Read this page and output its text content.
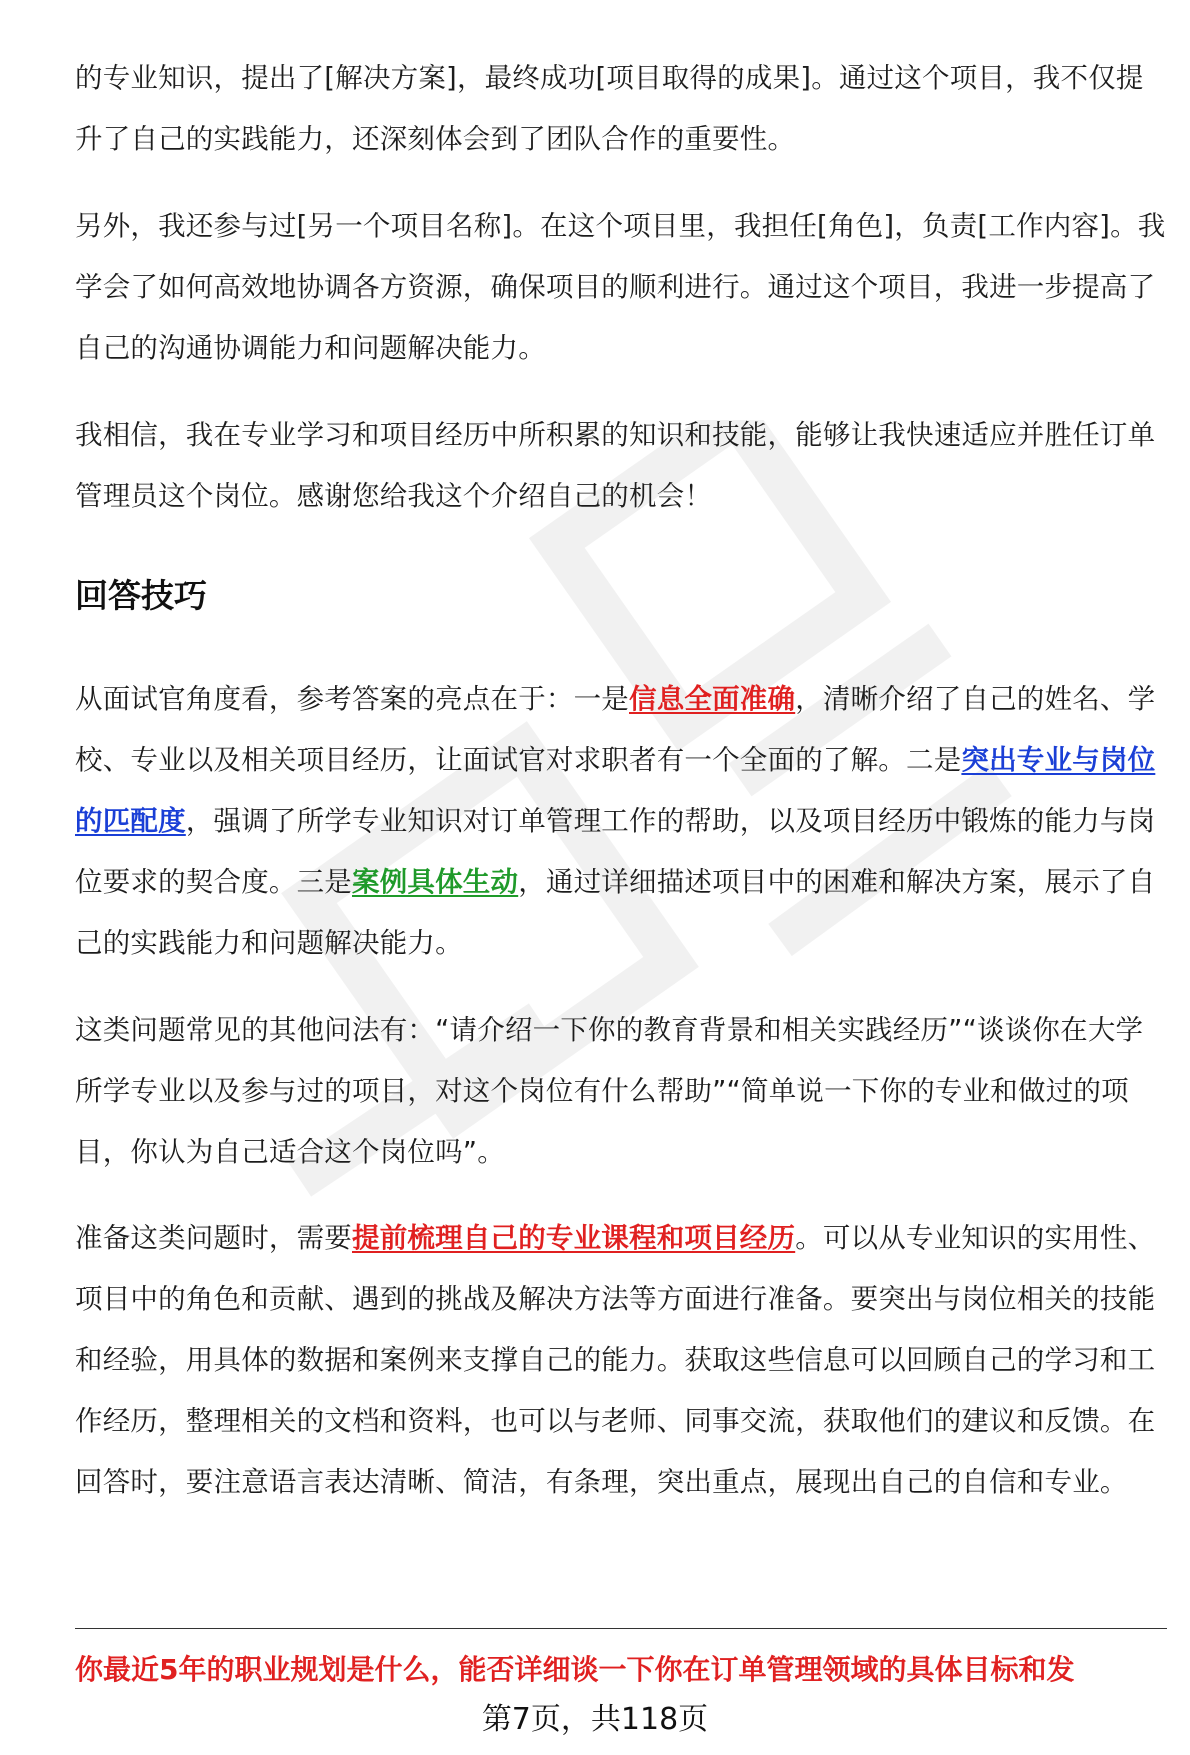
的专业知识，提出了[解决方案]，最终成功[项目取得的成果]。通过这个项目，我不仅提升了自己的实践能力，还深刻体会到了团队合作的重要性。

另外，我还参与过[另一个项目名称]。在这个项目里，我担任[角色]，负责[工作内容]。我学会了如何高效地协调各方资源，确保项目的顺利进行。通过这个项目，我进一步提高了自己的沟通协调能力和问题解决能力。

我相信，我在专业学习和项目经历中所积累的知识和技能，能够让我快速适应并胜任订单管理员这个岗位。感谢您给我这个介绍自己的机会！

回答技巧

从面试官角度看，参考答案的亮点在于：一是信息全面准确，清晰介绍了自己的姓名、学校、专业以及相关项目经历，让面试官对求职者有一个全面的了解。二是突出专业与岗位的匹配度，强调了所学专业知识对订单管理工作的帮助，以及项目经历中锻炼的能力与岗位要求的契合度。三是案例具体生动，通过详细描述项目中的困难和解决方案，展示了自己的实践能力和问题解决能力。

这类问题常见的其他问法有：“请介绍一下你的教育背景和相关实践经历”“谈谈你在大学所学专业以及参与过的项目，对这个岗位有什么帮助”“简单说一下你的专业和做过的项目，你认为自己适合这个岗位吗”。

准备这类问题时，需要提前梳理自己的专业课程和项目经历。可以从专业知识的实用性、项目中的角色和贡献、遇到的挑战及解决方法等方面进行准备。要突出与岗位相关的技能和经验，用具体的数据和案例来支撑自己的能力。获取这些信息可以回顾自己的学习和工作经历，整理相关的文档和资料，也可以与老师、同事交流，获取他们的建议和反馈。在回答时，要注意语言表达清晰、简洁，有条理，突出重点，展现出自己的自信和专业。

你最近5年的职业规划是什么，能否详细谈一下你在订单管理领域的具体目标和发
第7页，共118页
